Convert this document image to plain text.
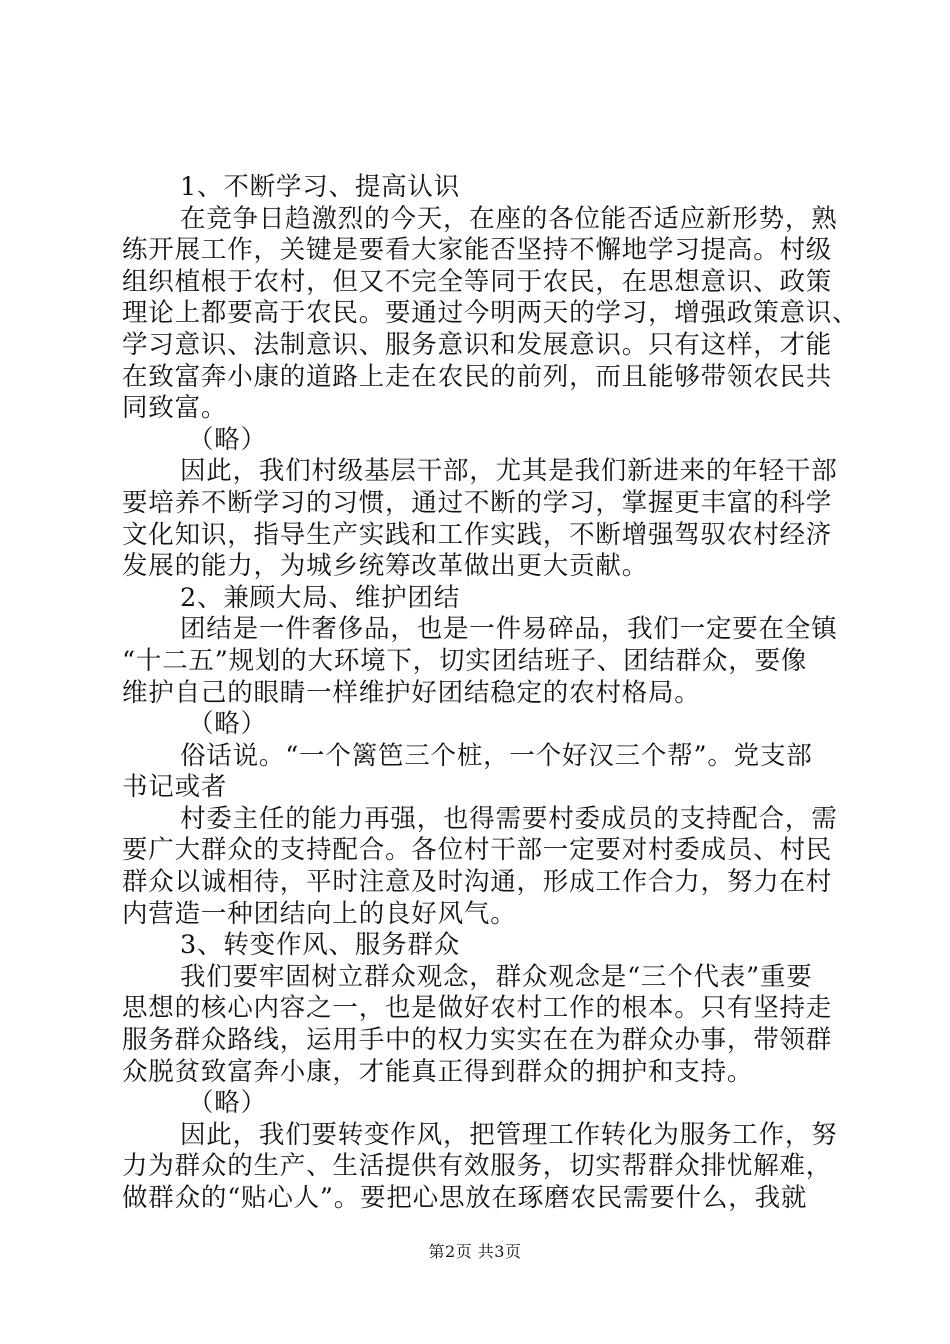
1、不断学习、提高认识
在竞争日趋激烈的今天，在座的各位能否适应新形势，熟
练开展工作，关键是要看大家能否坚持不懈地学习提高。村级
组织植根于农村，但又不完全等同于农民，在思想意识、政策
理论上都要高于农民。要通过今明两天的学习，增强政策意识、
学习意识、法制意识、服务意识和发展意识。只有这样，才能
在致富奔小康的道路上走在农民的前列，而且能够带领农民共
同致富。
（略）
因此，我们村级基层干部，尤其是我们新进来的年轻干部
要培养不断学习的习惯，通过不断的学习，掌握更丰富的科学
文化知识，指导生产实践和工作实践，不断增强驾驭农村经济
发展的能力，为城乡统筹改革做出更大贡献。
2、兼顾大局、维护团结
团结是一件奢侈品，也是一件易碎品，我们一定要在全镇
“十二五”规划的大环境下，切实团结班子、团结群众，要像
维护自己的眼睛一样维护好团结稳定的农村格局。
（略）
俗话说。“一个篱笆三个桩，一个好汉三个帮”。党支部
书记或者
村委主任的能力再强，也得需要村委成员的支持配合，需
要广大群众的支持配合。各位村干部一定要对村委成员、村民
群众以诚相待，平时注意及时沟通，形成工作合力，努力在村
内营造一种团结向上的良好风气。
3、转变作风、服务群众
我们要牢固树立群众观念，群众观念是“三个代表”重要
思想的核心内容之一，也是做好农村工作的根本。只有坚持走
服务群众路线，运用手中的权力实实在在为群众办事，带领群
众脱贫致富奔小康，才能真正得到群众的拥护和支持。
（略）
因此，我们要转变作风，把管理工作转化为服务工作，努
力为群众的生产、生活提供有效服务，切实帮群众排忧解难，
做群众的“贴心人”。要把心思放在琢磨农民需要什么，我就
第2页 共3页
